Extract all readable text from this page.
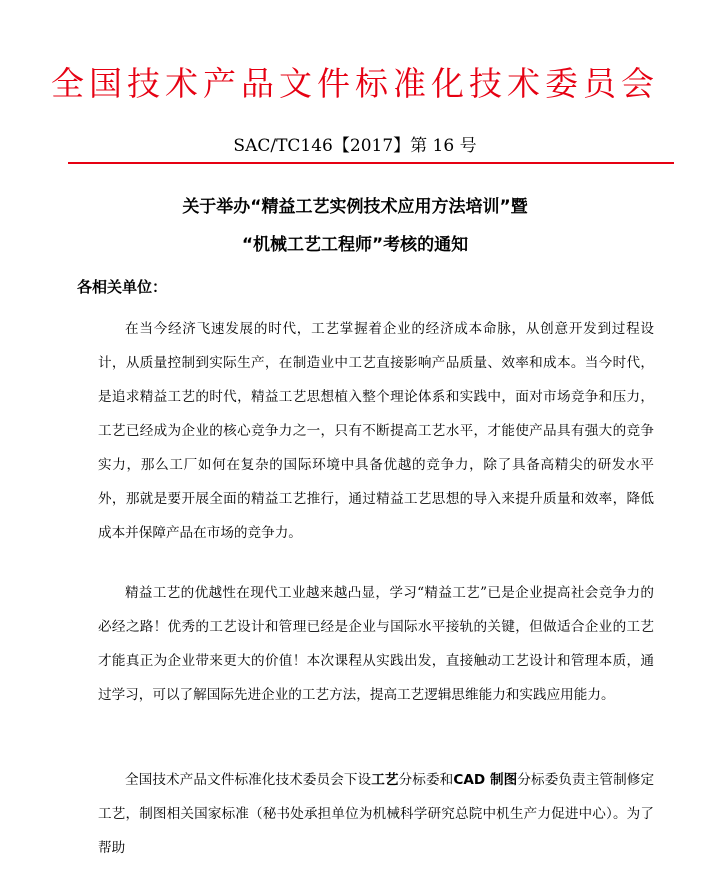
全国技术产品文件标准化技术委员会
SAC/TC146【2017】第 16 号
关于举办“精益工艺实例技术应用方法培训”暨
“机械工艺工程师”考核的通知
各相关单位：
在当今经济飞速发展的时代，工艺掌握着企业的经济成本命脉，从创意开发到过程设计，从质量控制到实际生产，在制造业中工艺直接影响产品质量、效率和成本。当今时代，是追求精益工艺的时代，精益工艺思想植入整个理论体系和实践中，面对市场竞争和压力，工艺已经成为企业的核心竞争力之一，只有不断提高工艺水平，才能使产品具有强大的竞争实力，那么工厂如何在复杂的国际环境中具备优越的竞争力，除了具备高精尖的研发水平外，那就是要开展全面的精益工艺推行，通过精益工艺思想的导入来提升质量和效率，降低成本并保障产品在市场的竞争力。
精益工艺的优越性在现代工业越来越凸显，学习“精益工艺”已是企业提高社会竞争力的必经之路！优秀的工艺设计和管理已经是企业与国际水平接轨的关键，但做适合企业的工艺才能真正为企业带来更大的价值！本次课程从实践出发，直接触动工艺设计和管理本质，通过学习，可以了解国际先进企业的工艺方法，提高工艺逻辑思维能力和实践应用能力。
全国技术产品文件标准化技术委员会下设工艺分标委和CAD 制图分标委负责主管制修定工艺，制图相关国家标准（秘书处承担单位为机械科学研究总院中机生产力促进中心）。为了帮助
